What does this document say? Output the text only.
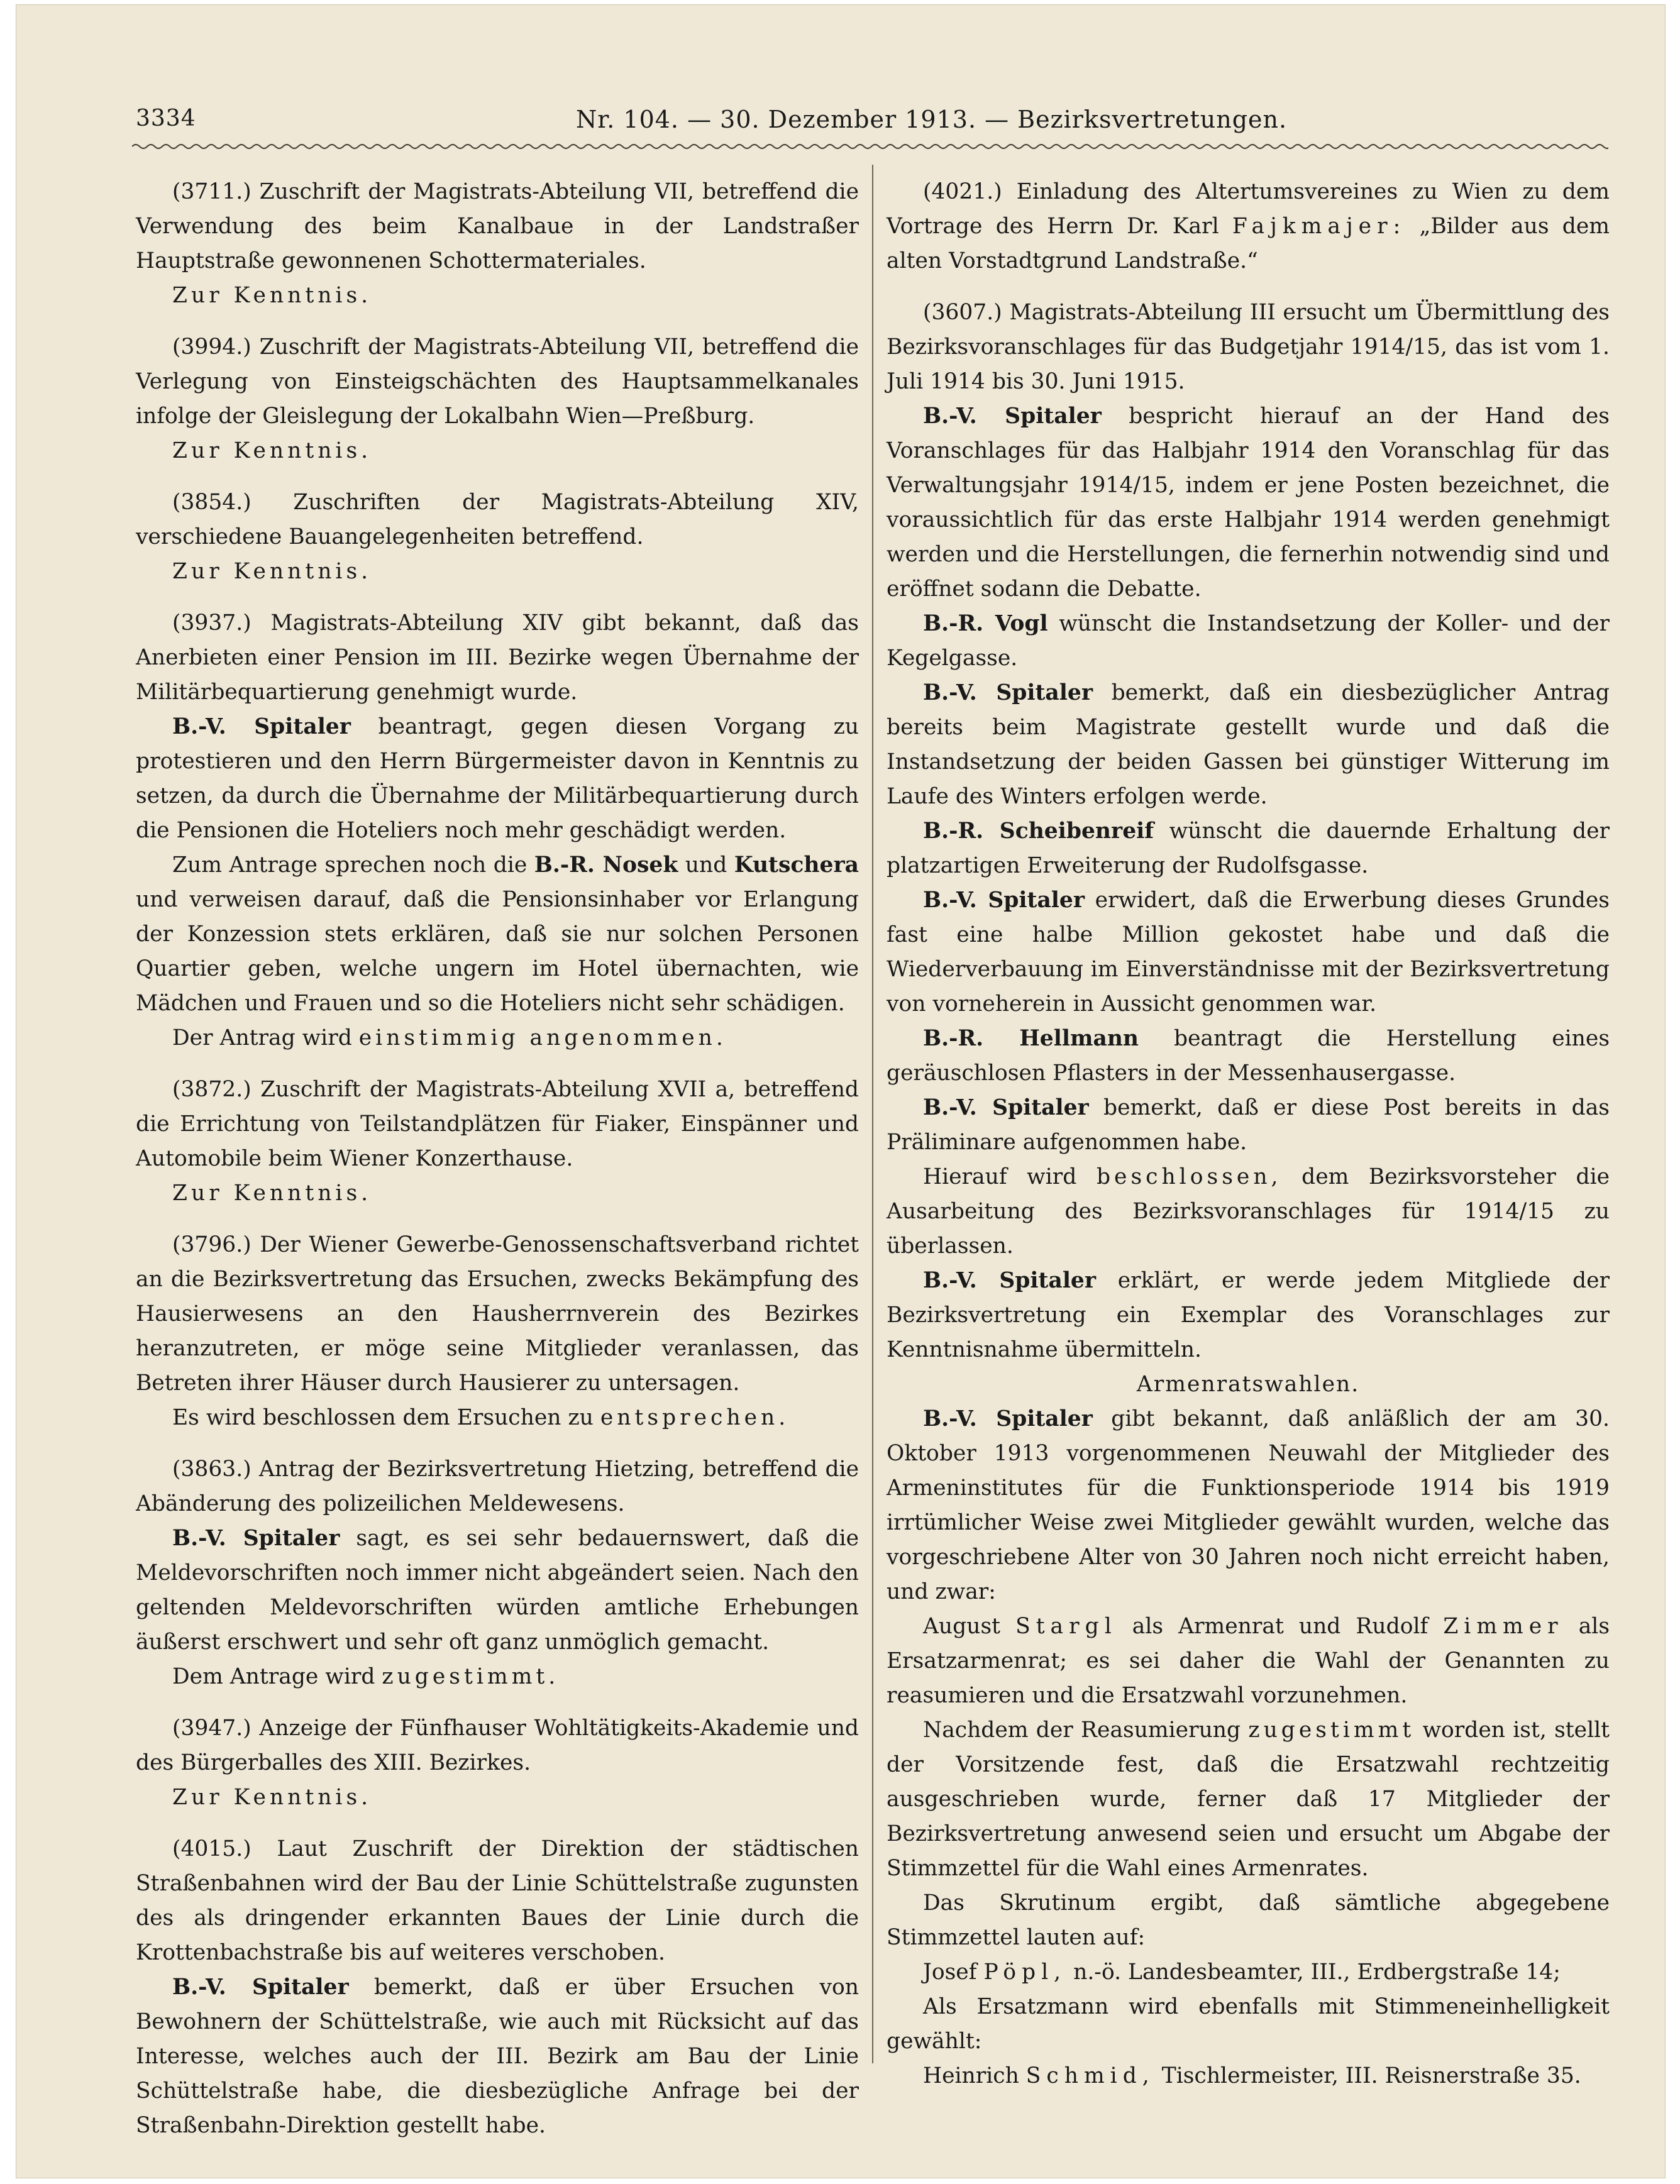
3334	Nr. 104. — 30. Dezember 1913. — Bezirksvertretungen.

(3711.) Zuschrift der Magistrats-Abteilung VII, betreffend die Verwendung des beim Kanalbaue in der Landstraßer Hauptstraße gewonnenen Schottermateriales.

Zur Kenntnis.

(3994.) Zuschrift der Magistrats-Abteilung VII, betreffend die Verlegung von Einsteigschächten des Hauptsammelkanales infolge der Gleislegung der Lokalbahn Wien—Preßburg.

Zur Kenntnis.

(3854.) Zuschriften der Magistrats-Abteilung XIV, verschiedene Bauangelegenheiten betreffend.

Zur Kenntnis.

(3937.) Magistrats-Abteilung XIV gibt bekannt, daß das Anerbieten einer Pension im III. Bezirke wegen Übernahme der Militärbequartierung genehmigt wurde.

B.-V. Spitaler beantragt, gegen diesen Vorgang zu protestieren und den Herrn Bürgermeister davon in Kenntnis zu setzen, da durch die Übernahme der Militärbequartierung durch die Pensionen die Hoteliers noch mehr geschädigt werden.

Zum Antrage sprechen noch die B.-R. Nosek und Kutschera und verweisen darauf, daß die Pensionsinhaber vor Erlangung der Konzession stets erklären, daß sie nur solchen Personen Quartier geben, welche ungern im Hotel übernachten, wie Mädchen und Frauen und so die Hoteliers nicht sehr schädigen.

Der Antrag wird einstimmig angenommen.

(3872.) Zuschrift der Magistrats-Abteilung XVII a, betreffend die Errichtung von Teilstandplätzen für Fiaker, Einspänner und Automobile beim Wiener Konzerthause.

Zur Kenntnis.

(3796.) Der Wiener Gewerbe-Genossenschaftsverband richtet an die Bezirksvertretung das Ersuchen, zwecks Bekämpfung des Hausierwesens an den Hausherrnverein des Bezirkes heranzutreten, er möge seine Mitglieder veranlassen, das Betreten ihrer Häuser durch Hausierer zu untersagen.

Es wird beschlossen dem Ersuchen zu entsprechen.

(3863.) Antrag der Bezirksvertretung Hietzing, betreffend die Abänderung des polizeilichen Meldewesens.

B.-V. Spitaler sagt, es sei sehr bedauernswert, daß die Meldevorschriften noch immer nicht abgeändert seien. Nach den geltenden Meldevorschriften würden amtliche Erhebungen äußerst erschwert und sehr oft ganz unmöglich gemacht.

Dem Antrage wird zugestimmt.

(3947.) Anzeige der Fünfhauser Wohltätigkeits-Akademie und des Bürgerballes des XIII. Bezirkes.

Zur Kenntnis.

(4015.) Laut Zuschrift der Direktion der städtischen Straßenbahnen wird der Bau der Linie Schüttelstraße zugunsten des als dringender erkannten Baues der Linie durch die Krottenbachstraße bis auf weiteres verschoben.

B.-V. Spitaler bemerkt, daß er über Ersuchen von Bewohnern der Schüttelstraße, wie auch mit Rücksicht auf das Interesse, welches auch der III. Bezirk am Bau der Linie Schüttelstraße habe, die diesbezügliche Anfrage bei der Straßenbahn-Direktion gestellt habe.

(4021.) Einladung des Altertumsvereines zu Wien zu dem Vortrage des Herrn Dr. Karl Fajkmajer: „Bilder aus dem alten Vorstadtgrund Landstraße.“

(3607.) Magistrats-Abteilung III ersucht um Übermittlung des Bezirksvoranschlages für das Budgetjahr 1914/15, das ist vom 1. Juli 1914 bis 30. Juni 1915.

B.-V. Spitaler bespricht hierauf an der Hand des Voranschlages für das Halbjahr 1914 den Voranschlag für das Verwaltungsjahr 1914/15, indem er jene Posten bezeichnet, die voraussichtlich für das erste Halbjahr 1914 werden genehmigt werden und die Herstellungen, die fernerhin notwendig sind und eröffnet sodann die Debatte.

B.-R. Vogl wünscht die Instandsetzung der Koller- und der Kegelgasse.

B.-V. Spitaler bemerkt, daß ein diesbezüglicher Antrag bereits beim Magistrate gestellt wurde und daß die Instandsetzung der beiden Gassen bei günstiger Witterung im Laufe des Winters erfolgen werde.

B.-R. Scheibenreif wünscht die dauernde Erhaltung der platzartigen Erweiterung der Rudolfsgasse.

B.-V. Spitaler erwidert, daß die Erwerbung dieses Grundes fast eine halbe Million gekostet habe und daß die Wiederverbauung im Einverständnisse mit der Bezirksvertretung von vorneherein in Aussicht genommen war.

B.-R. Hellmann beantragt die Herstellung eines geräuschlosen Pflasters in der Messenhausergasse.

B.-V. Spitaler bemerkt, daß er diese Post bereits in das Präliminare aufgenommen habe.

Hierauf wird beschlossen, dem Bezirksvorsteher die Ausarbeitung des Bezirksvoranschlages für 1914/15 zu überlassen.

B.-V. Spitaler erklärt, er werde jedem Mitgliede der Bezirksvertretung ein Exemplar des Voranschlages zur Kenntnisnahme übermitteln.

Armenratswahlen.

B.-V. Spitaler gibt bekannt, daß anläßlich der am 30. Oktober 1913 vorgenommenen Neuwahl der Mitglieder des Armeninstitutes für die Funktionsperiode 1914 bis 1919 irrtümlicher Weise zwei Mitglieder gewählt wurden, welche das vorgeschriebene Alter von 30 Jahren noch nicht erreicht haben, und zwar:

August Stargl als Armenrat und Rudolf Zimmer als Ersatzarmenrat; es sei daher die Wahl der Genannten zu reasumieren und die Ersatzwahl vorzunehmen.

Nachdem der Reasumierung zugestimmt worden ist, stellt der Vorsitzende fest, daß die Ersatzwahl rechtzeitig ausgeschrieben wurde, ferner daß 17 Mitglieder der Bezirksvertretung anwesend seien und ersucht um Abgabe der Stimmzettel für die Wahl eines Armenrates.

Das Skrutinum ergibt, daß sämtliche abgegebene Stimmzettel lauten auf:

Josef Pöpl, n.-ö. Landesbeamter, III., Erdbergstraße 14;

Als Ersatzmann wird ebenfalls mit Stimmeneinhelligkeit gewählt:

Heinrich Schmid, Tischlermeister, III. Reisnerstraße 35.
